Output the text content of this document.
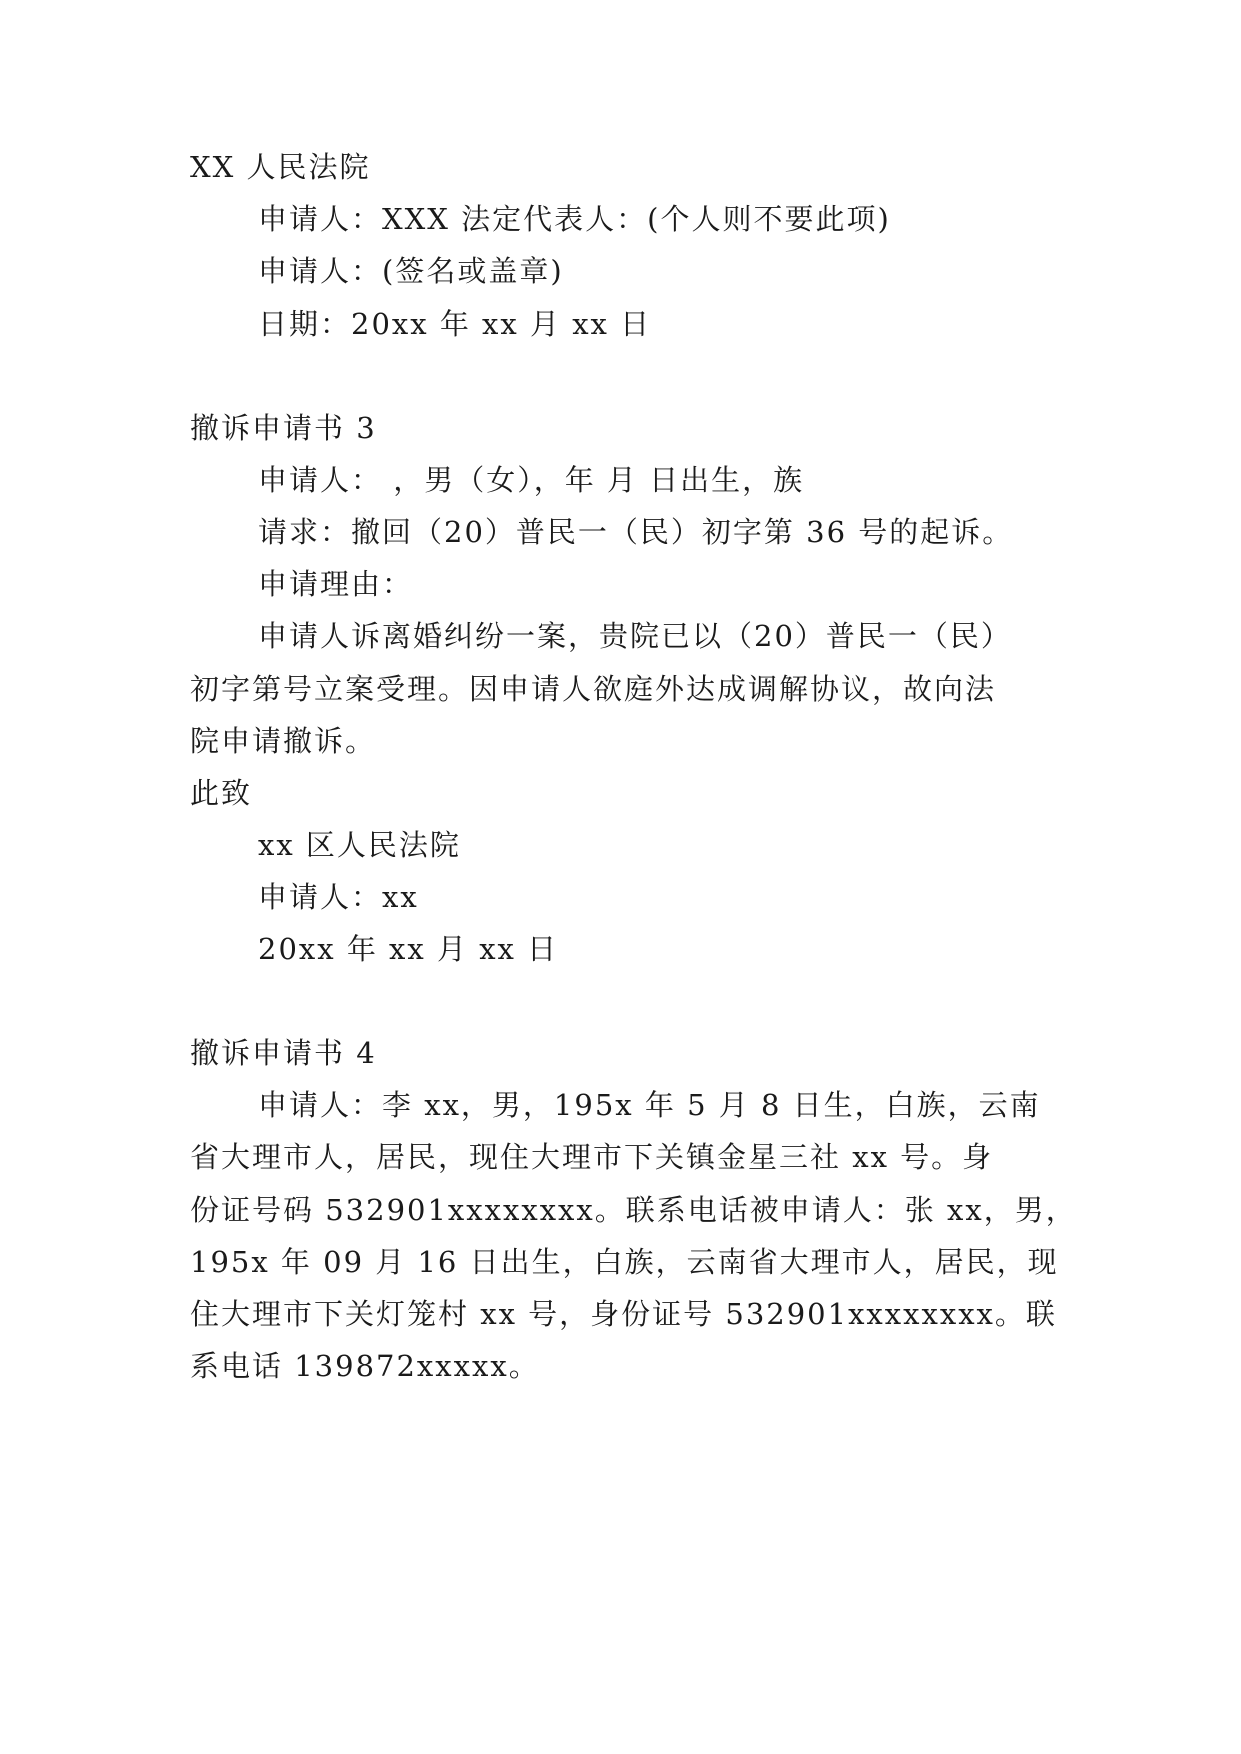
XX 人民法院

申请人：XXX 法定代表人：(个人则不要此项)

申请人：(签名或盖章)

日期：20xx 年 xx 月 xx 日

撤诉申请书 3

申请人： ，男（女），年 月 日出生，族

请求：撤回（20）普民一（民）初字第 36 号的起诉。

申请理由：

申请人诉离婚纠纷一案，贵院已以（20）普民一（民）

初字第号立案受理。因申请人欲庭外达成调解协议，故向法

院申请撤诉。

此致

xx 区人民法院

申请人：xx

20xx 年 xx 月 xx 日

撤诉申请书 4

申请人：李 xx，男，195x 年 5 月 8 日生，白族，云南

省大理市人，居民，现住大理市下关镇金星三社 xx 号。身

份证号码 532901xxxxxxxx。联系电话被申请人：张 xx，男，

195x 年 09 月 16 日出生，白族，云南省大理市人，居民，现

住大理市下关灯笼村 xx 号，身份证号 532901xxxxxxxx。联

系电话 139872xxxxx。
